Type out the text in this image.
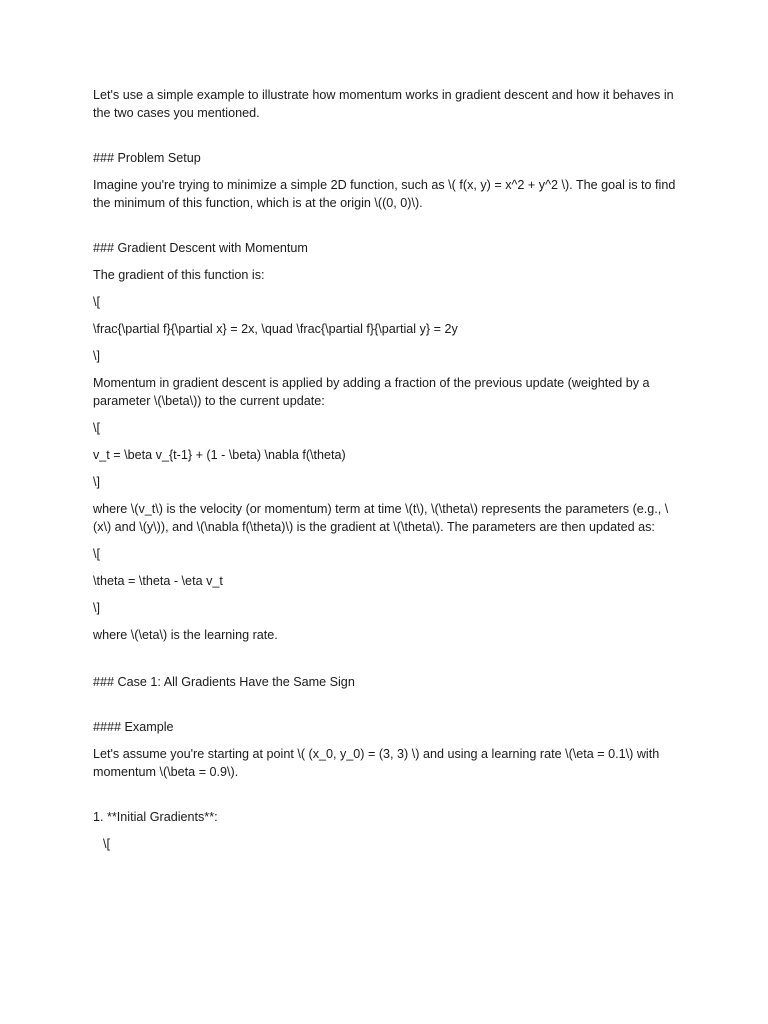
Let's use a simple example to illustrate how momentum works in gradient descent and how it behaves in the two cases you mentioned.

### Problem Setup

Imagine you're trying to minimize a simple 2D function, such as \( f(x, y) = x^2 + y^2 \). The goal is to find the minimum of this function, which is at the origin \((0, 0)\).

### Gradient Descent with Momentum

The gradient of this function is:

\[

\frac{\partial f}{\partial x} = 2x, \quad \frac{\partial f}{\partial y} = 2y

\]

Momentum in gradient descent is applied by adding a fraction of the previous update (weighted by a parameter \(\beta\)) to the current update:

\[

v_t = \beta v_{t-1} + (1 - \beta) \nabla f(\theta)

\]

where \(v_t\) is the velocity (or momentum) term at time \(t\), \(\theta\) represents the parameters (e.g., \(x\) and \(y\)), and \(\nabla f(\theta)\) is the gradient at \(\theta\). The parameters are then updated as:

\[

\theta = \theta - \eta v_t

\]

where \(\eta\) is the learning rate.

### Case 1: All Gradients Have the Same Sign

#### Example

Let's assume you're starting at point \( (x_0, y_0) = (3, 3) \) and using a learning rate \(\eta = 0.1\) with momentum \(\beta = 0.9\).

1. **Initial Gradients**:

\[
